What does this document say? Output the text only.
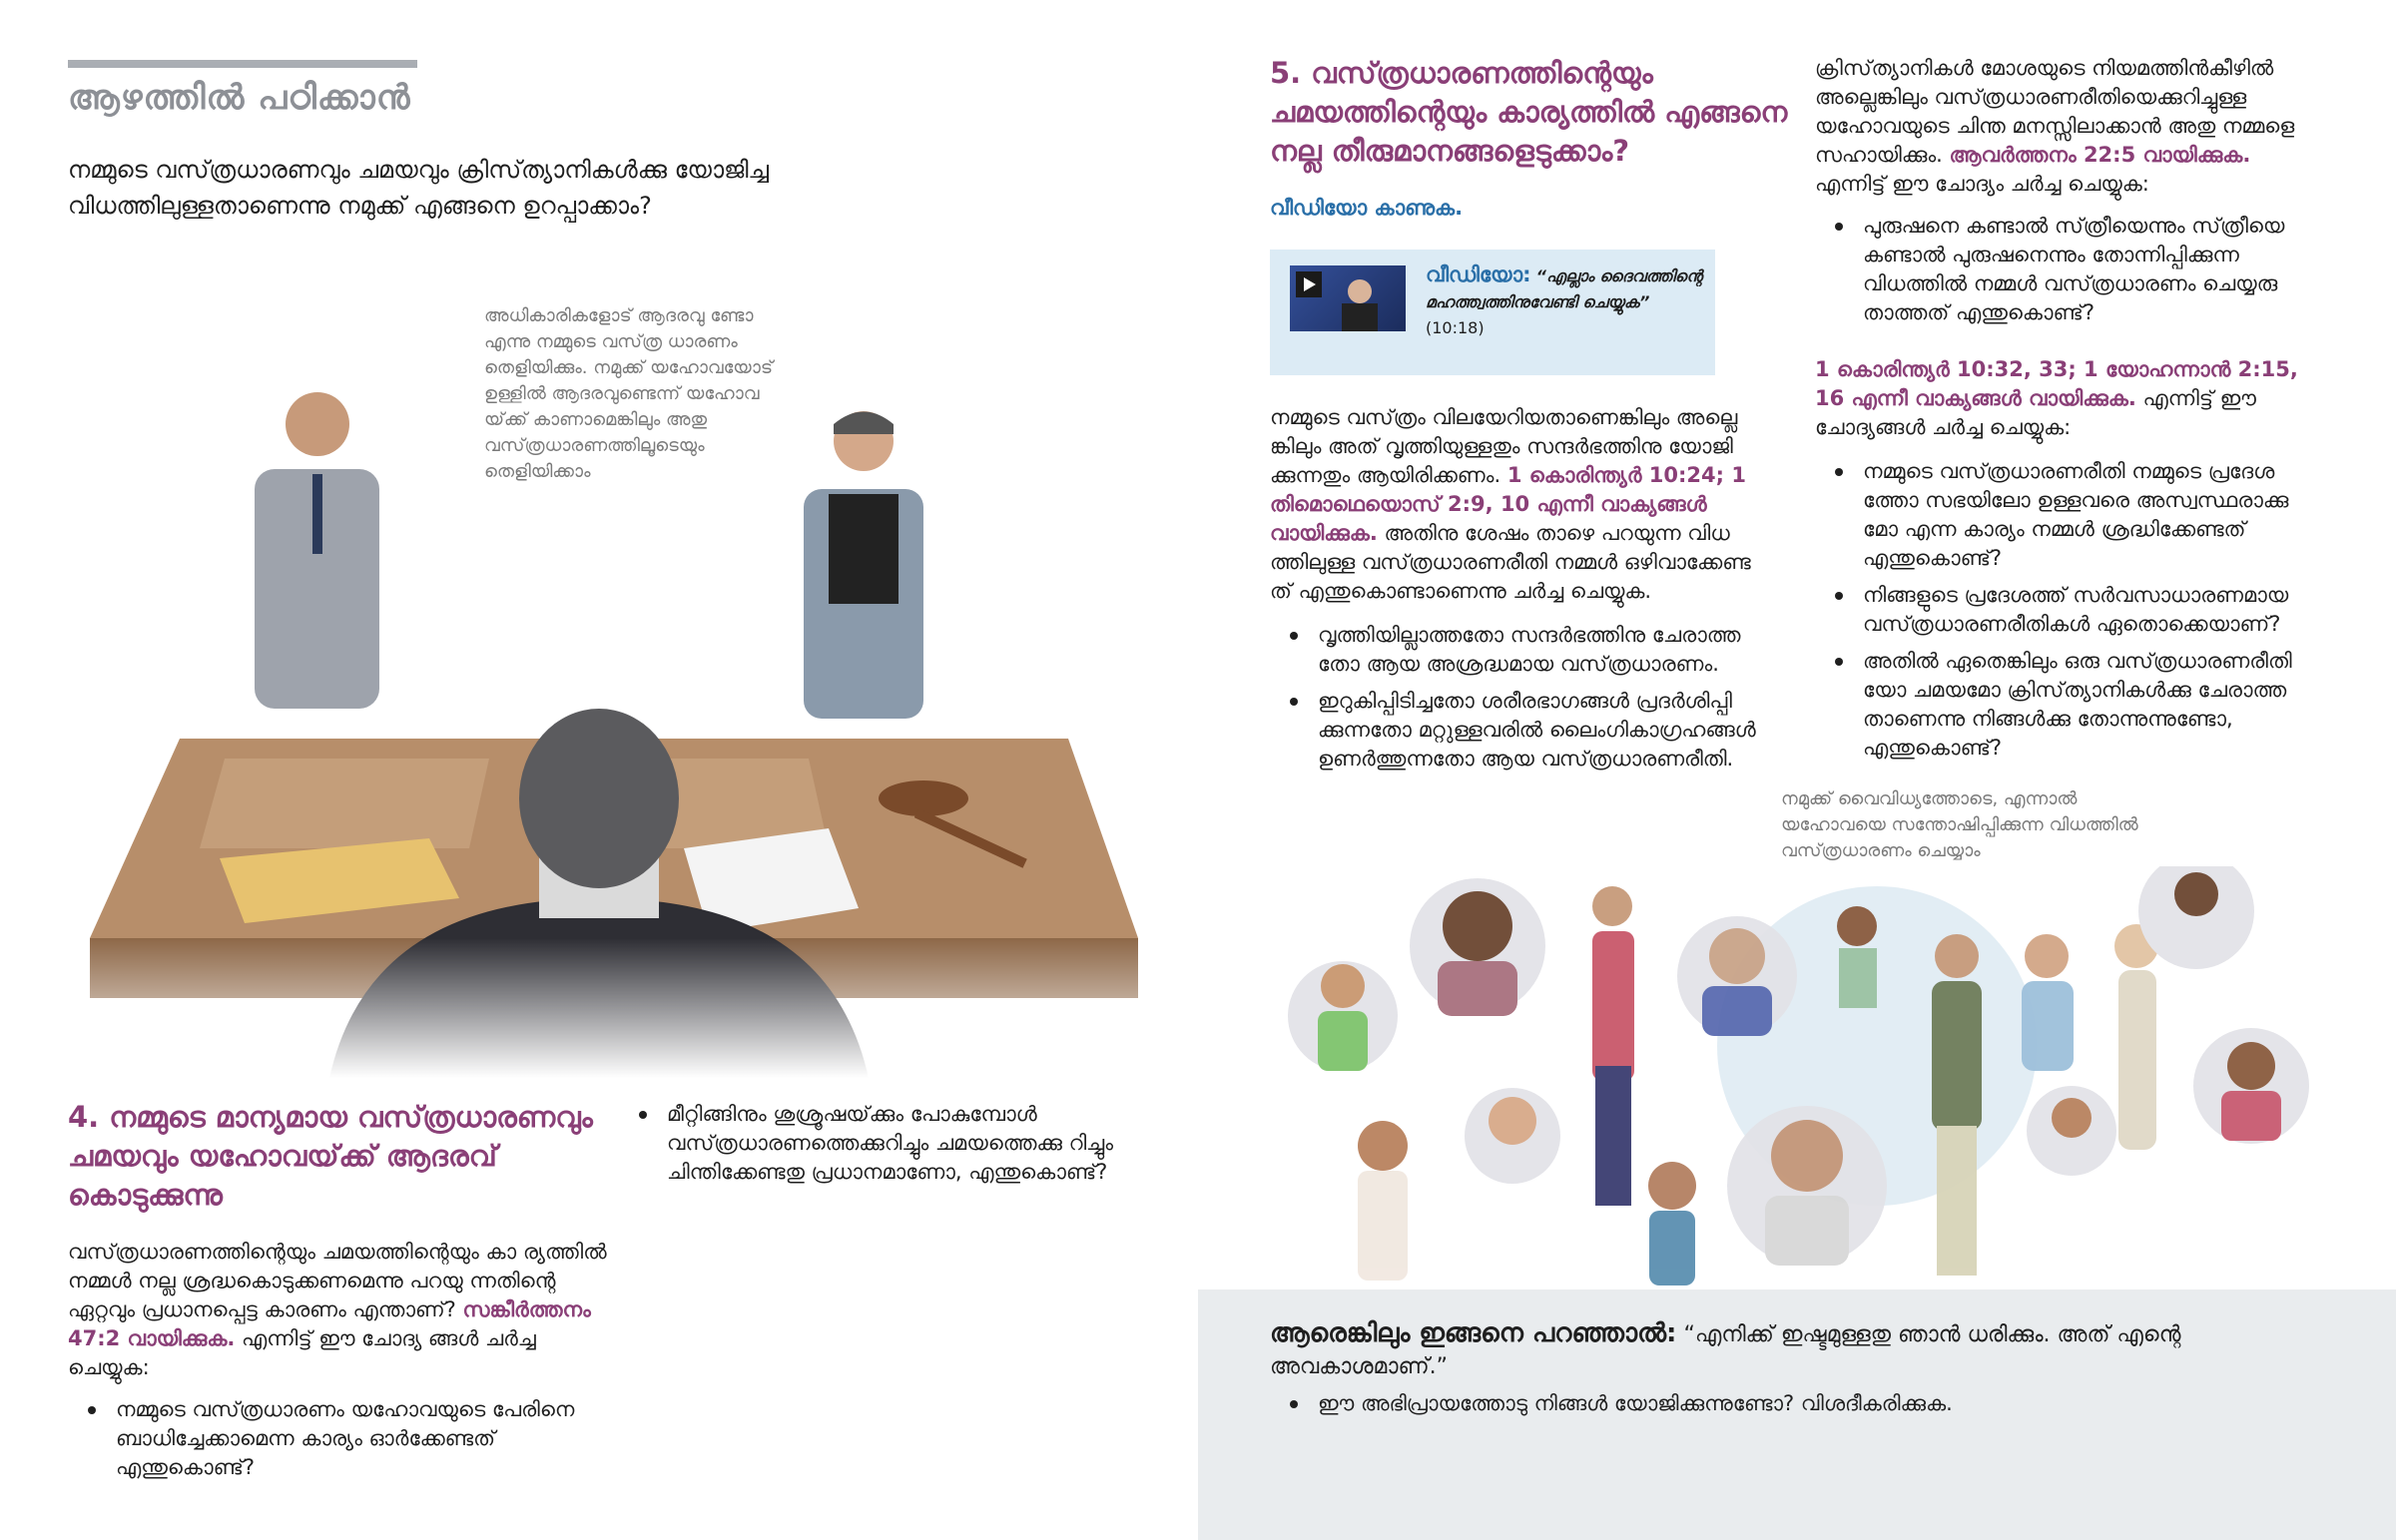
ആഴത്തിൽ പഠിക്കാൻ
നമ്മുടെ വസ്‌ത്രധാരണവും ചമയവും ക്രിസ്‌ത്യാനികൾക്കു യോജിച്ച വിധത്തിലുള്ളതാണെന്നു നമുക്ക് എങ്ങനെ ഉറപ്പാക്കാം?
അധികാരികളോട് ആദരവു ണ്ടോ എന്നു നമ്മുടെ വസ്‌ത്ര ധാരണം തെളിയിക്കും. നമുക്ക് യഹോവയോട് ഉള്ളിൽ ആദരവുണ്ടെന്ന് യഹോവ യ്‌ക്ക് കാണാമെങ്കിലും അതു വസ്‌ത്രധാരണത്തിലൂടെയും തെളിയിക്കാം
4. നമ്മുടെ മാന്യമായ വസ്‌ത്രധാരണവും ചമയവും യഹോവയ്‌ക്ക് ആദരവ് കൊടുക്കുന്നു
വസ്‌ത്രധാരണത്തിന്റെയും ചമയത്തിന്റെയും കാ ര്യത്തിൽ നമ്മൾ നല്ല ശ്രദ്ധകൊടുക്കണമെന്നു പറയു ന്നതിന്റെ ഏറ്റവും പ്രധാനപ്പെട്ട കാരണം എന്താണ്? സങ്കീർത്തനം 47:2 വായിക്കുക. എന്നിട്ട് ഈ ചോദ്യ ങ്ങൾ ചർച്ച ചെയ്യുക:
നമ്മുടെ വസ്‌ത്രധാരണം യഹോവയുടെ പേരിനെ ബാധിച്ചേക്കാമെന്ന കാര്യം ഓർക്കേണ്ടത് എന്തുകൊണ്ട്?
മീറ്റിങ്ങിനും ശുശ്രൂഷയ്‌ക്കും പോകുമ്പോൾ വസ്‌ത്രധാരണത്തെക്കുറിച്ചും ചമയത്തെക്കു റിച്ചും ചിന്തിക്കേണ്ടതു പ്രധാനമാണോ, എന്തുകൊണ്ട്?
5. വസ്‌ത്രധാരണത്തിന്റെയും ചമയത്തിന്റെയും കാര്യത്തിൽ എങ്ങനെ നല്ല തീരുമാനങ്ങളെടുക്കാം?
വീഡിയോ കാണുക.
വീഡിയോ: “എല്ലാം ദൈവത്തിന്റെ മഹത്ത്വത്തിനുവേണ്ടി ചെയ്യുക” (10:18)
നമ്മുടെ വസ്‌ത്രം വിലയേറിയതാണെങ്കിലും അല്ലെ ങ്കിലും അത് വൃത്തിയുള്ളതും സന്ദർഭത്തിനു യോജി ക്കുന്നതും ആയിരിക്കണം. 1 കൊരിന്ത്യർ 10:24; 1 തിമൊഥെയൊസ്‌ 2:9, 10 എന്നീ വാക്യങ്ങൾ വായിക്കുക. അതിനു ശേഷം താഴെ പറയുന്ന വിധ ത്തിലുള്ള വസ്‌ത്രധാരണരീതി നമ്മൾ ഒഴിവാക്കേണ്ട ത് എന്തുകൊണ്ടാണെന്നു ചർച്ച ചെയ്യുക.
വൃത്തിയില്ലാത്തതോ സന്ദർഭത്തിനു ചേരാത്ത തോ ആയ അശ്രദ്ധമായ വസ്‌ത്രധാരണം.
ഇറുകിപ്പിടിച്ചതോ ശരീരഭാഗങ്ങൾ പ്രദർശിപ്പി ക്കുന്നതോ മറ്റുള്ളവരിൽ ലൈംഗികാഗ്രഹങ്ങൾ ഉണർത്തുന്നതോ ആയ വസ്‌ത്രധാരണരീതി.
ക്രിസ്‌ത്യാനികൾ മോശയുടെ നിയമത്തിൻകീഴിൽ അല്ലെങ്കിലും വസ്‌ത്രധാരണരീതിയെക്കുറിച്ചുള്ള യഹോവയുടെ ചിന്ത മനസ്സിലാക്കാൻ അതു നമ്മളെ സഹായിക്കും. ആവർത്തനം 22:5 വായിക്കുക. എന്നിട്ട് ഈ ചോദ്യം ചർച്ച ചെയ്യുക:
പുരുഷനെ കണ്ടാൽ സ്‌ത്രീയെന്നും സ്‌ത്രീയെ കണ്ടാൽ പുരുഷനെന്നും തോന്നിപ്പിക്കുന്ന വിധത്തിൽ നമ്മൾ വസ്‌ത്രധാരണം ചെയ്യരു താത്തത് എന്തുകൊണ്ട്?
1 കൊരിന്ത്യർ 10:32, 33; 1 യോഹന്നാൻ 2:15, 16 എന്നീ വാക്യങ്ങൾ വായിക്കുക. എന്നിട്ട് ഈ ചോദ്യങ്ങൾ ചർച്ച ചെയ്യുക:
നമ്മുടെ വസ്‌ത്രധാരണരീതി നമ്മുടെ പ്രദേശ ത്തോ സഭയിലോ ഉള്ളവരെ അസ്വസ്ഥരാക്കു മോ എന്ന കാര്യം നമ്മൾ ശ്രദ്ധിക്കേണ്ടത് എന്തുകൊണ്ട്?
നിങ്ങളുടെ പ്രദേശത്ത് സർവസാധാരണമായ വസ്‌ത്രധാരണരീതികൾ ഏതൊക്കെയാണ്?
അതിൽ ഏതെങ്കിലും ഒരു വസ്‌ത്രധാരണരീതി യോ ചമയമോ ക്രിസ്‌ത്യാനികൾക്കു ചേരാത്ത താണെന്നു നിങ്ങൾക്കു തോന്നുന്നുണ്ടോ, എന്തുകൊണ്ട്?
നമുക്ക് വൈവിധ്യത്തോടെ, എന്നാൽ യഹോവയെ സന്തോഷിപ്പിക്കുന്ന വിധത്തിൽ വസ്‌ത്രധാരണം ചെയ്യാം
ആരെങ്കിലും ഇങ്ങനെ പറഞ്ഞാൽ: “എനിക്ക് ഇഷ്ടമുള്ളതു ഞാൻ ധരിക്കും. അത് എന്റെ അവകാശമാണ്.”
ഈ അഭിപ്രായത്തോടു നിങ്ങൾ യോജിക്കുന്നുണ്ടോ? വിശദീകരിക്കുക.
